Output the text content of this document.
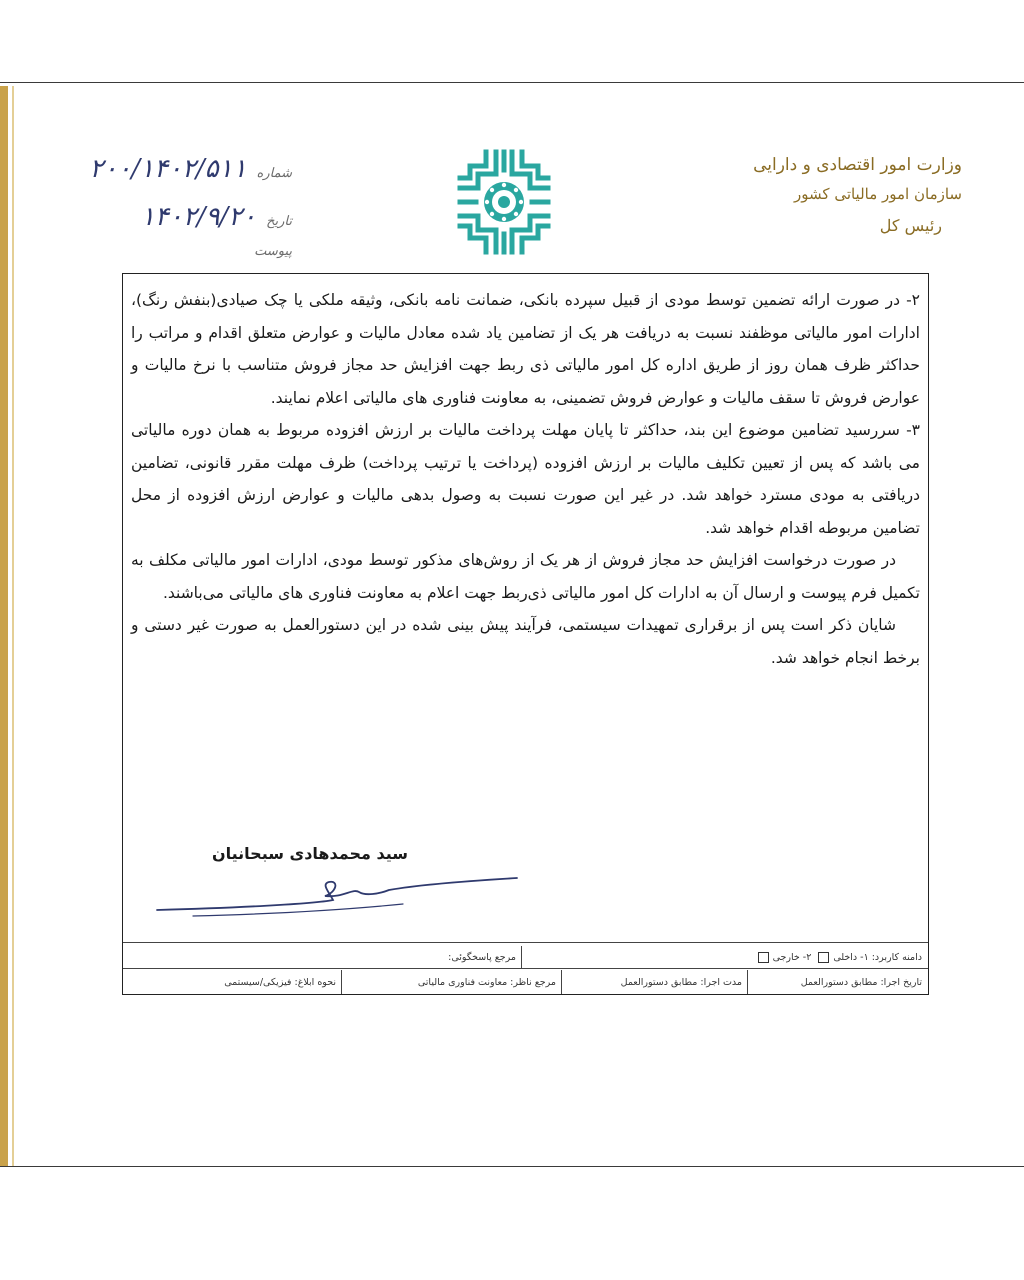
وزارت امور اقتصادی و دارایی
سازمان امور مالیاتی کشور
رئیس کل
شماره
۲۰۰/۱۴۰۲/۵۱۱
تاریخ
۱۴۰۲/۹/۲۰
پیوست

۲- در صورت ارائه تضمین توسط مودی از قبیل سپرده بانکی، ضمانت نامه بانکی، وثیقه ملکی یا چک صیادی(بنفش رنگ)، ادارات امور مالیاتی موظفند نسبت به دریافت هر یک از تضامین یاد شده معادل مالیات و عوارض متعلق اقدام و مراتب را حداکثر ظرف همان روز از طریق اداره کل امور مالیاتی ذی ربط جهت افزایش حد مجاز فروش متناسب با نرخ مالیات و عوارض فروش تا سقف مالیات و عوارض فروش تضمینی، به معاونت فناوری های مالیاتی اعلام نمایند.

۳- سررسید تضامین موضوع این بند، حداکثر تا پایان مهلت پرداخت مالیات بر ارزش افزوده مربوط به همان دوره مالیاتی می باشد که پس از تعیین تکلیف مالیات بر ارزش افزوده (پرداخت یا ترتیب پرداخت) ظرف مهلت مقرر قانونی، تضامین دریافتی به مودی مسترد خواهد شد. در غیر این صورت نسبت به وصول بدهی مالیات و عوارض ارزش افزوده از محل تضامین مربوطه اقدام خواهد شد.

در صورت درخواست افزایش حد مجاز فروش از هر یک از روش‌های مذکور توسط مودی، ادارات امور مالیاتی مکلف به تکمیل فرم پیوست و ارسال آن به ادارات کل امور مالیاتی ذی‌ربط جهت اعلام به معاونت فناوری های مالیاتی می‌باشند.

شایان ذکر است پس از برقراری تمهیدات سیستمی، فرآیند پیش بینی شده در این دستورالعمل به صورت غیر دستی و برخط انجام خواهد شد.

سید محمدهادی سبحانیان
دامنه کاربرد:

۱- داخلی

۲- خارجی
مرجع پاسخگوئی:
تاریخ اجرا: مطابق دستورالعمل
مدت اجرا: مطابق دستورالعمل
مرجع ناظر: معاونت فناوری مالیاتی
نحوه ابلاغ: فیزیکی/سیستمی
